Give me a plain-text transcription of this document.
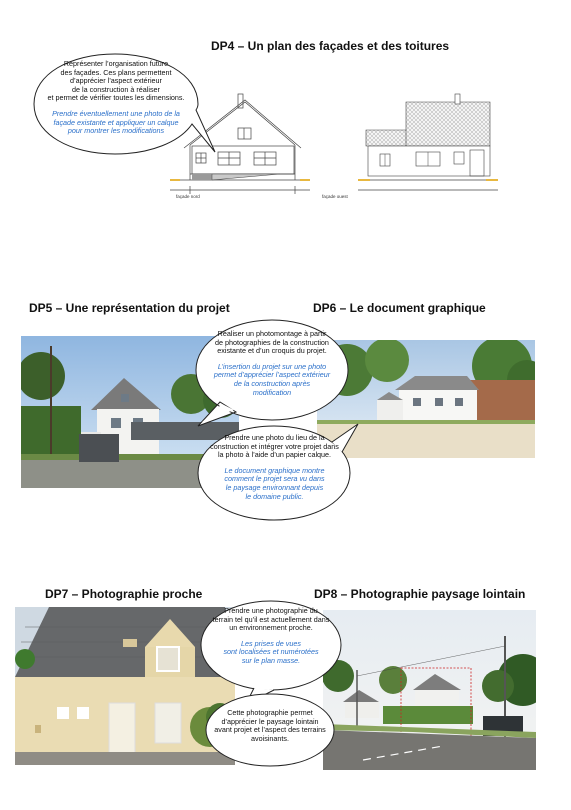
DP4 – Un plan des façades et des toitures
façade nord	façade ouest
Représenter l’organisation future
des façades. Ces plans permettent
d’apprécier l’aspect extérieur
de la construction à réaliser
et permet de vérifier toutes les dimensions.
Prendre éventuellement une photo de la
façade existante et appliquer un calque
pour montrer les modifications
DP5 – Une représentation du projet	DP6 – Le document graphique
Réaliser un photomontage à partir
de photographies de la construction
existante et d’un croquis du projet.
L’insertion du projet sur une photo
permet d’apprécier l’aspect extérieur
de la construction après
modification
Prendre une photo du lieu de la
construction et intégrer votre projet dans
la photo à l’aide d’un papier calque.
Le document graphique montre
comment le projet sera vu dans
le paysage environnant depuis
le domaine public.
DP7 – Photographie proche	DP8 – Photographie paysage lointain
Prendre une photographie du
terrain tel qu’il est actuellement dans
un environnement proche.
Les prises de vues
sont localisées et numérotées
sur le plan masse.
Cette photographie permet
d’apprécier le paysage lointain
avant projet et l’aspect des terrains
avoisinants.
